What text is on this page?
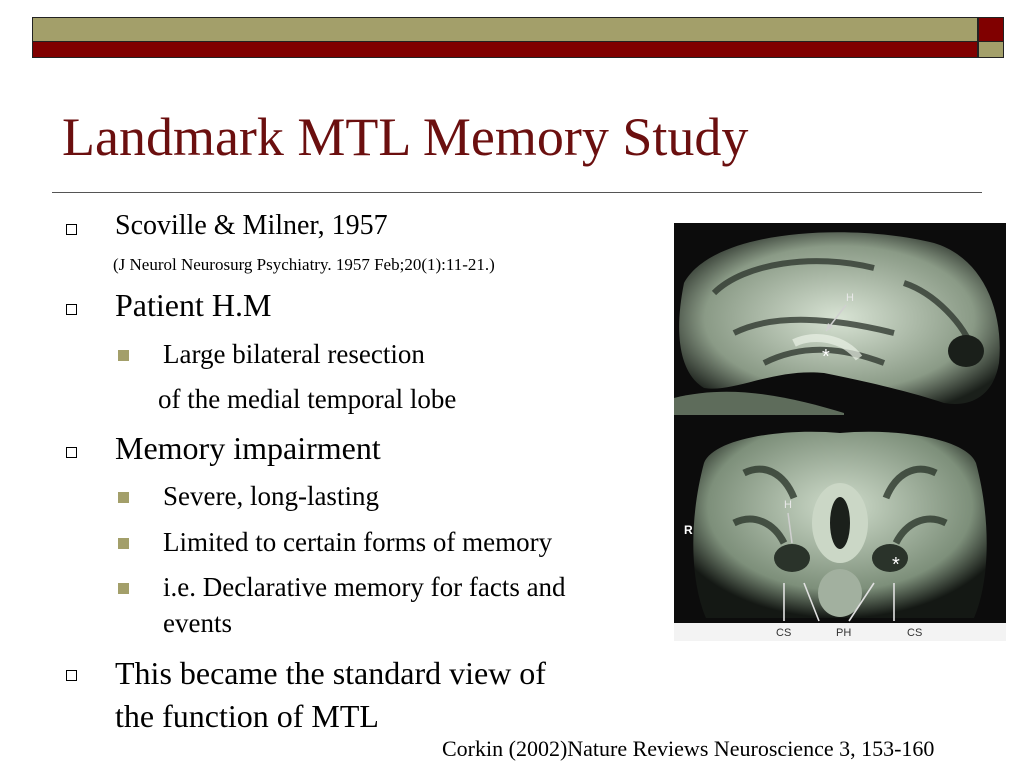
Landmark MTL Memory Study
Scoville & Milner, 1957
(J Neurol Neurosurg Psychiatry. 1957 Feb;20(1):11-21.)
Patient H.M
Large bilateral resection
of the medial temporal lobe
Memory impairment
Severe, long-lasting
Limited to certain forms of memory
i.e. Declarative memory for facts and
events
This became the standard view of
the function of MTL
H
*
H
*
R
CS	PH	CS
Corkin (2002)Nature Reviews Neuroscience 3, 153-160
